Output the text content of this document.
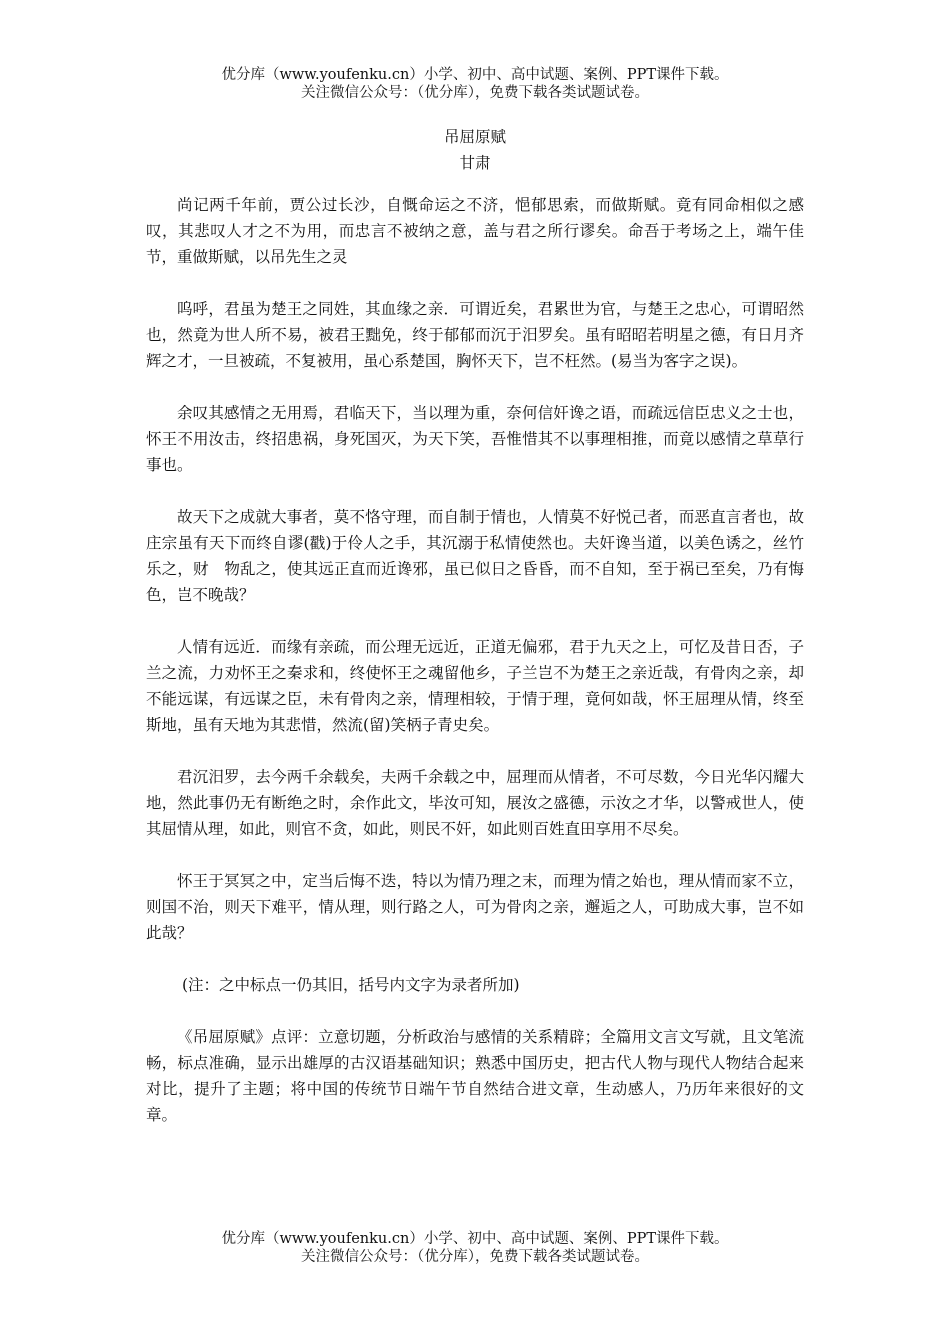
优分库（www.youfenku.cn）小学、初中、高中试题、案例、PPT课件下载。
关注微信公众号：（优分库），免费下载各类试题试卷。
吊屈原赋
甘肃

尚记两千年前，贾公过长沙，自慨命运之不济，悒郁思索，而做斯赋。竟有同命相似之感叹，其悲叹人才之不为用，而忠言不被纳之意，盖与君之所行谬矣。命吾于考场之上，端午佳节，重做斯赋，以吊先生之灵

呜呼，君虽为楚王之同姓，其血缘之亲．可谓近矣，君累世为官，与楚王之忠心，可谓昭然也，然竟为世人所不易，被君王黜免，终于郁郁而沉于汨罗矣。虽有昭昭若明星之德，有日月齐辉之才，一旦被疏，不复被用，虽心系楚国，胸怀天下，岂不枉然。(易当为客字之误)。

余叹其感情之无用焉，君临天下，当以理为重，奈何信奸谗之语，而疏远信臣忠义之士也，怀王不用汝击，终招患祸，身死国灭，为天下笑，吾惟惜其不以事理相推，而竟以感情之草草行事也。

故天下之成就大事者，莫不恪守理，而自制于情也，人情莫不好悦己者，而恶直言者也，故庄宗虽有天下而终自谬(戳)于伶人之手，其沉溺于私情使然也。夫奸谗当道，以美色诱之，丝竹乐之，财　物乱之，使其远正直而近谗邪，虽已似日之昏昏，而不自知，至于祸已至矣，乃有悔色，岂不晚哉？

人情有远近．而缘有亲疏，而公理无远近，正道无偏邪，君于九天之上，可忆及昔日否，子兰之流，力劝怀王之秦求和，终使怀王之魂留他乡，子兰岂不为楚王之亲近哉，有骨肉之亲，却不能远谋，有远谋之臣，未有骨肉之亲，情理相较，于情于理，竟何如哉，怀王屈理从情，终至斯地，虽有天地为其悲惜，然流(留)笑柄子青史矣。

君沉汨罗，去今两千余载矣，夫两千余载之中，屈理而从情者，不可尽数，今日光华闪耀大地，然此事仍无有断绝之时，余作此文，毕汝可知，展汝之盛德，示汝之才华，以警戒世人，使其屈情从理，如此，则官不贪，如此，则民不奸，如此则百姓直田享用不尽矣。

怀王于冥冥之中，定当后悔不迭，特以为情乃理之末，而理为情之始也，理从情而家不立，则国不治，则天下难平，情从理，则行路之人，可为骨肉之亲，邂逅之人，可助成大事，岂不如此哉？

(注：之中标点一仍其旧，括号内文字为录者所加)

《吊屈原赋》点评：立意切题，分析政治与感情的关系精辟；全篇用文言文写就，且文笔流畅，标点准确，显示出雄厚的古汉语基础知识；熟悉中国历史，把古代人物与现代人物结合起来对比，提升了主题；将中国的传统节日端午节自然结合进文章，生动感人，乃历年来很好的文章。

优分库（www.youfenku.cn）小学、初中、高中试题、案例、PPT课件下载。
关注微信公众号：（优分库），免费下载各类试题试卷。
